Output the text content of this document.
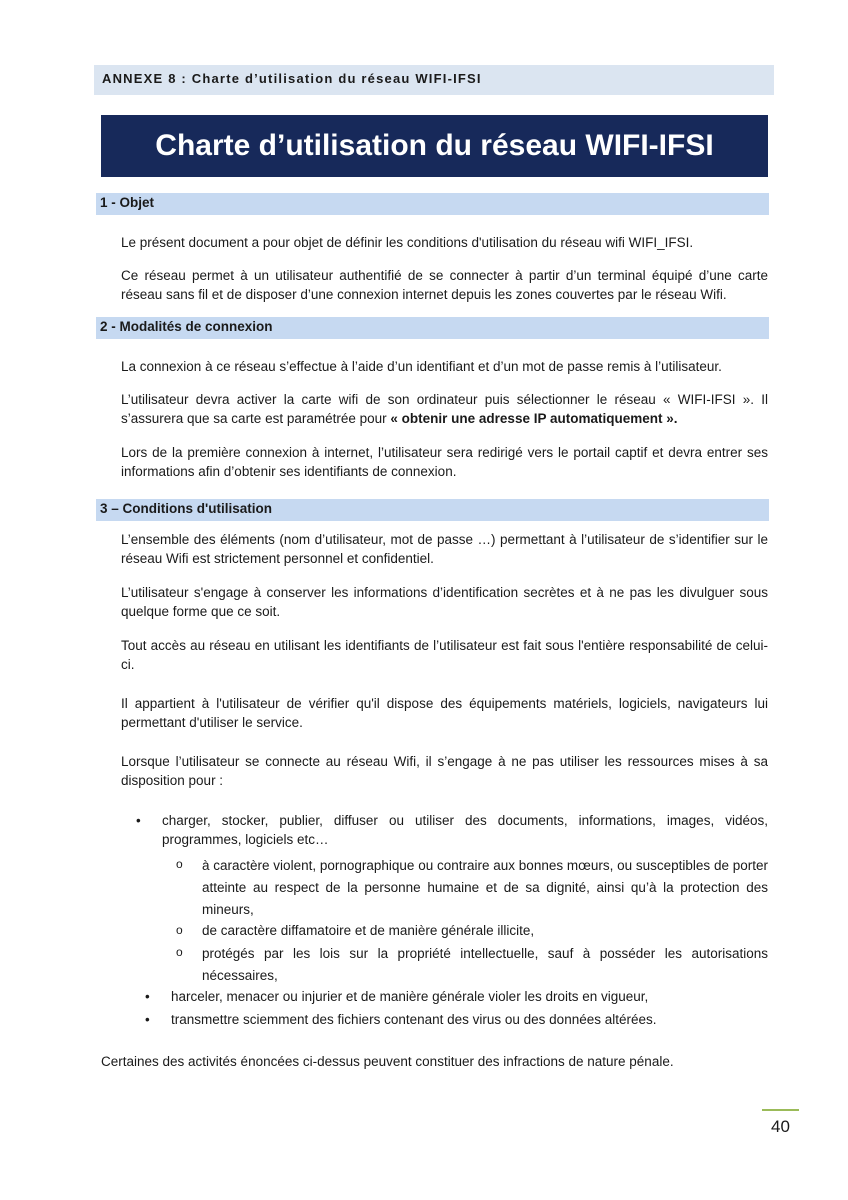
ANNEXE 8 : Charte d’utilisation du réseau WIFI-IFSI
Charte d’utilisation du réseau WIFI-IFSI
1 - Objet

Le présent document a pour objet de définir les conditions d'utilisation du réseau wifi WIFI_IFSI.

Ce réseau permet à un utilisateur authentifié de se connecter à partir d’un terminal équipé d’une carte réseau sans fil et de disposer d’une connexion internet depuis les zones couvertes par le réseau Wifi.

2 - Modalités de connexion

La connexion à ce réseau s’effectue à l’aide d’un identifiant et d’un mot de passe remis à l’utilisateur.

L’utilisateur devra activer la carte wifi de son ordinateur puis sélectionner le réseau « WIFI-IFSI ». Il s’assurera que sa carte est paramétrée pour « obtenir une adresse IP automatiquement ».

Lors de la première connexion à internet, l’utilisateur sera redirigé vers le portail captif et devra entrer ses informations afin d’obtenir ses identifiants de connexion.

3 – Conditions d'utilisation

L’ensemble des éléments (nom d’utilisateur, mot de passe …) permettant à l’utilisateur de s’identifier sur le réseau Wifi est strictement personnel et confidentiel.

L’utilisateur s'engage à conserver les informations d’identification secrètes et à ne pas les divulguer sous quelque forme que ce soit.

Tout accès au réseau en utilisant les identifiants de l’utilisateur est fait sous l'entière responsabilité de celui-ci.

Il appartient à l'utilisateur de vérifier qu'il dispose des équipements matériels, logiciels, navigateurs lui permettant d'utiliser le service.

Lorsque l’utilisateur se connecte au réseau Wifi, il s’engage à ne pas utiliser les ressources mises à sa disposition pour :

• charger, stocker, publier, diffuser ou utiliser des documents, informations, images, vidéos, programmes, logiciels etc…

o à caractère violent, pornographique ou contraire aux bonnes mœurs, ou susceptibles de porter atteinte au respect de la personne humaine et de sa dignité, ainsi qu’à la protection des mineurs,

o de caractère diffamatoire et de manière générale illicite,

o protégés par les lois sur la propriété intellectuelle, sauf à posséder les autorisations nécessaires,

• harceler, menacer ou injurier et de manière générale violer les droits en vigueur,

• transmettre sciemment des fichiers contenant des virus ou des données altérées.

Certaines des activités énoncées ci-dessus peuvent constituer des infractions de nature pénale.

40
